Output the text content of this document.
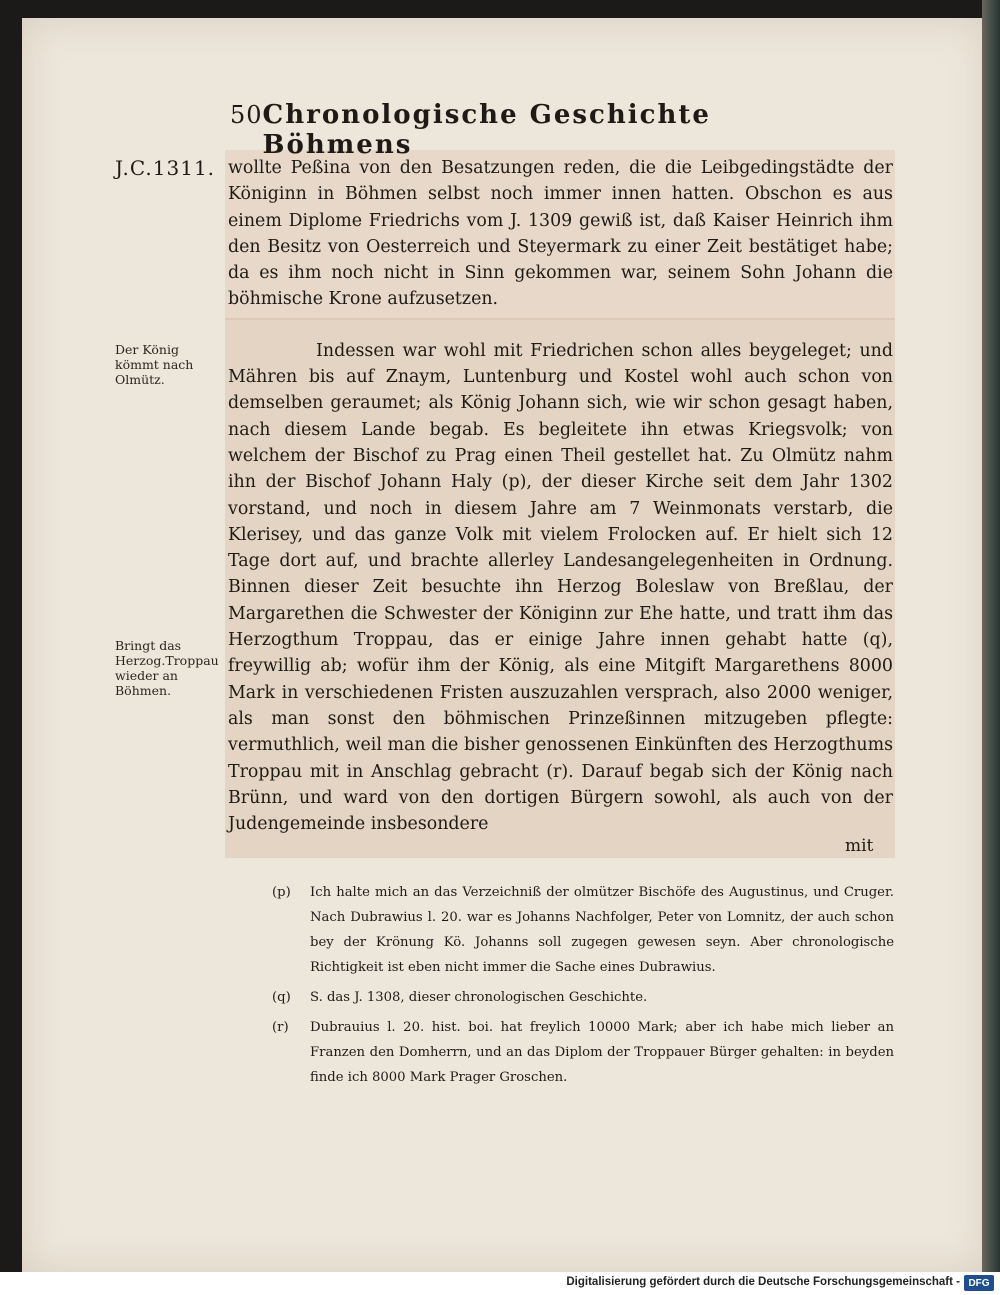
50 Chronologische Geschichte Böhmens
J.C.1311.
Der König kömmt nach Olmütz.
Bringt das Herzog.Troppau wieder an Böhmen.

wollte Peßina von den Besatzungen reden, die die Leibgedingstädte der Königinn in Böhmen selbst noch immer innen hatten. Obschon es aus einem Diplome Friedrichs vom J. 1309 gewiß ist, daß Kaiser Heinrich ihm den Besitz von Oesterreich und Steyermark zu einer Zeit bestätiget habe; da es ihm noch nicht in Sinn gekommen war, seinem Sohn Johann die böhmische Krone aufzusetzen.

Indessen war wohl mit Friedrichen schon alles beygeleget; und Mähren bis auf Znaym, Luntenburg und Kostel wohl auch schon von demselben geraumet; als König Johann sich, wie wir schon gesagt haben, nach diesem Lande begab. Es begleitete ihn etwas Kriegsvolk; von welchem der Bischof zu Prag einen Theil gestellet hat. Zu Olmütz nahm ihn der Bischof Johann Haly (p), der dieser Kirche seit dem Jahr 1302 vorstand, und noch in diesem Jahre am 7 Weinmonats verstarb, die Klerisey, und das ganze Volk mit vielem Frolocken auf. Er hielt sich 12 Tage dort auf, und brachte allerley Landesangelegenheiten in Ordnung. Binnen dieser Zeit besuchte ihn Herzog Boleslaw von Breßlau, der Margarethen die Schwester der Königinn zur Ehe hatte, und tratt ihm das Herzogthum Troppau, das er einige Jahre innen gehabt hatte (q), freywillig ab; wofür ihm der König, als eine Mitgift Margarethens 8000 Mark in verschiedenen Fristen auszuzahlen versprach, also 2000 weniger, als man sonst den böhmischen Prinzeßinnen mitzugeben pflegte: vermuthlich, weil man die bisher genossenen Einkünften des Herzogthums Troppau mit in Anschlag gebracht (r). Darauf begab sich der König nach Brünn, und ward von den dortigen Bürgern sowohl, als auch von der Judengemeinde insbesondere

mit
(p)	Ich halte mich an das Verzeichniß der olmützer Bischöfe des Augustinus, und Cruger. Nach Dubrawius l. 20. war es Johanns Nachfolger, Peter von Lomnitz, der auch schon bey der Krönung Kö. Johanns soll zugegen gewesen seyn. Aber chronologische Richtigkeit ist eben nicht immer die Sache eines Dubrawius.
(q)	S. das J. 1308, dieser chronologischen Geschichte.
(r)	Dubrauius l. 20. hist. boi. hat freylich 10000 Mark; aber ich habe mich lieber an Franzen den Domherrn, und an das Diplom der Troppauer Bürger gehalten: in beyden finde ich 8000 Mark Prager Groschen.
Digitalisierung gefördert durch die Deutsche Forschungsgemeinschaft - DFG
